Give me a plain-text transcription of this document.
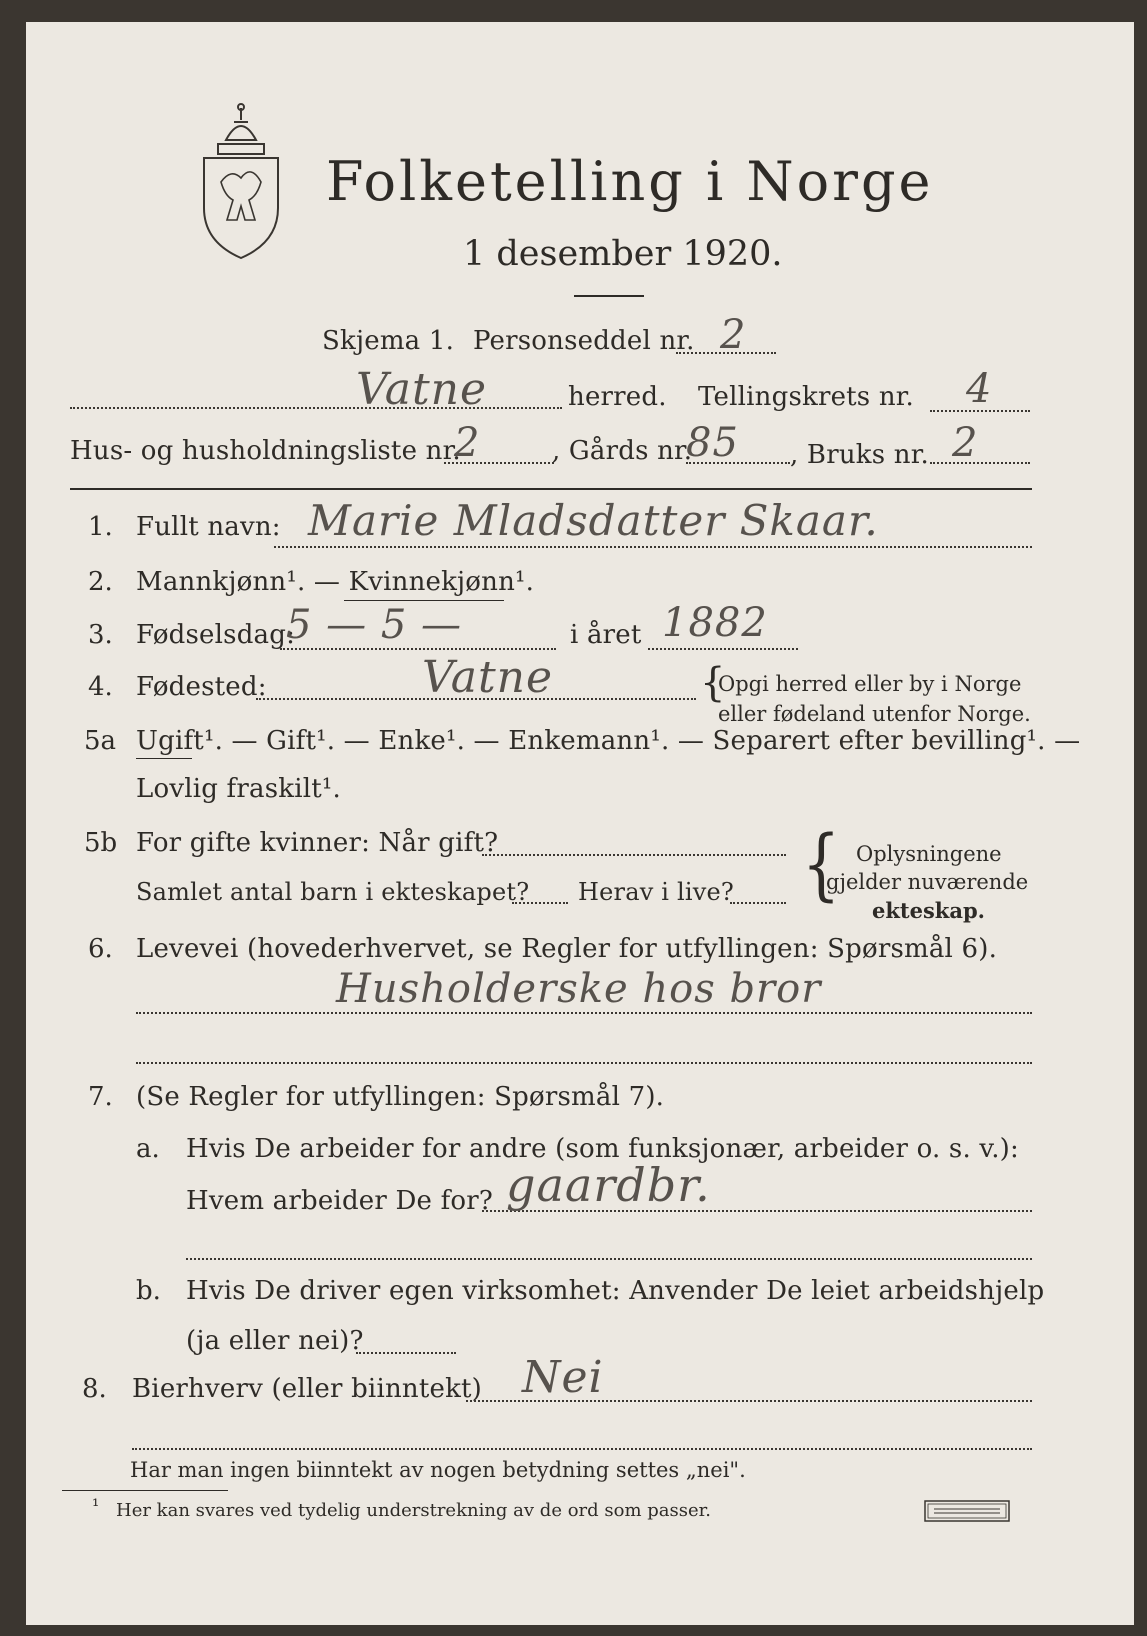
Folketelling i Norge
1 desember 1920.
Skjema 1. Personseddel nr. 2
Vatne	herred. Tellingskrets nr. 4
Hus- og husholdningsliste nr.
2	, Gårds nr.
85 , Bruks nr. 2
1. Fullt navn: Marie Mladsdatter Skaar.
2. Mannkjønn¹. — Kvinnekjønn¹.
3. Fødselsdag:
5 — 5 —	i året 1882
4. Fødested:	Vatne	{
Opgi herred eller by i Norge
eller fødeland utenfor Norge.
5a Ugift¹. — Gift¹. — Enke¹. — Enkemann¹. — Separert efter bevilling¹. —
Lovlig fraskilt¹.
5b For gifte kvinner: Når gift?
Samlet antal barn i ekteskapet? Herav i live? { Oplysningene
gjelder nuværende
ekteskap.
6. Levevei (hovederhvervet, se Regler for utfyllingen: Spørsmål 6).
Husholderske hos bror
7. (Se Regler for utfyllingen: Spørsmål 7).
a. Hvis De arbeider for andre (som funksjonær, arbeider o. s. v.):
Hvem arbeider De for? gaardbr.
b. Hvis De driver egen virksomhet: Anvender De leiet arbeidshjelp
(ja eller nei)?
8. Bierhverv (eller biinntekt) Nei
Har man ingen biinntekt av nogen betydning settes „nei".
¹ Her kan svares ved tydelig understrekning av de ord som passer.
